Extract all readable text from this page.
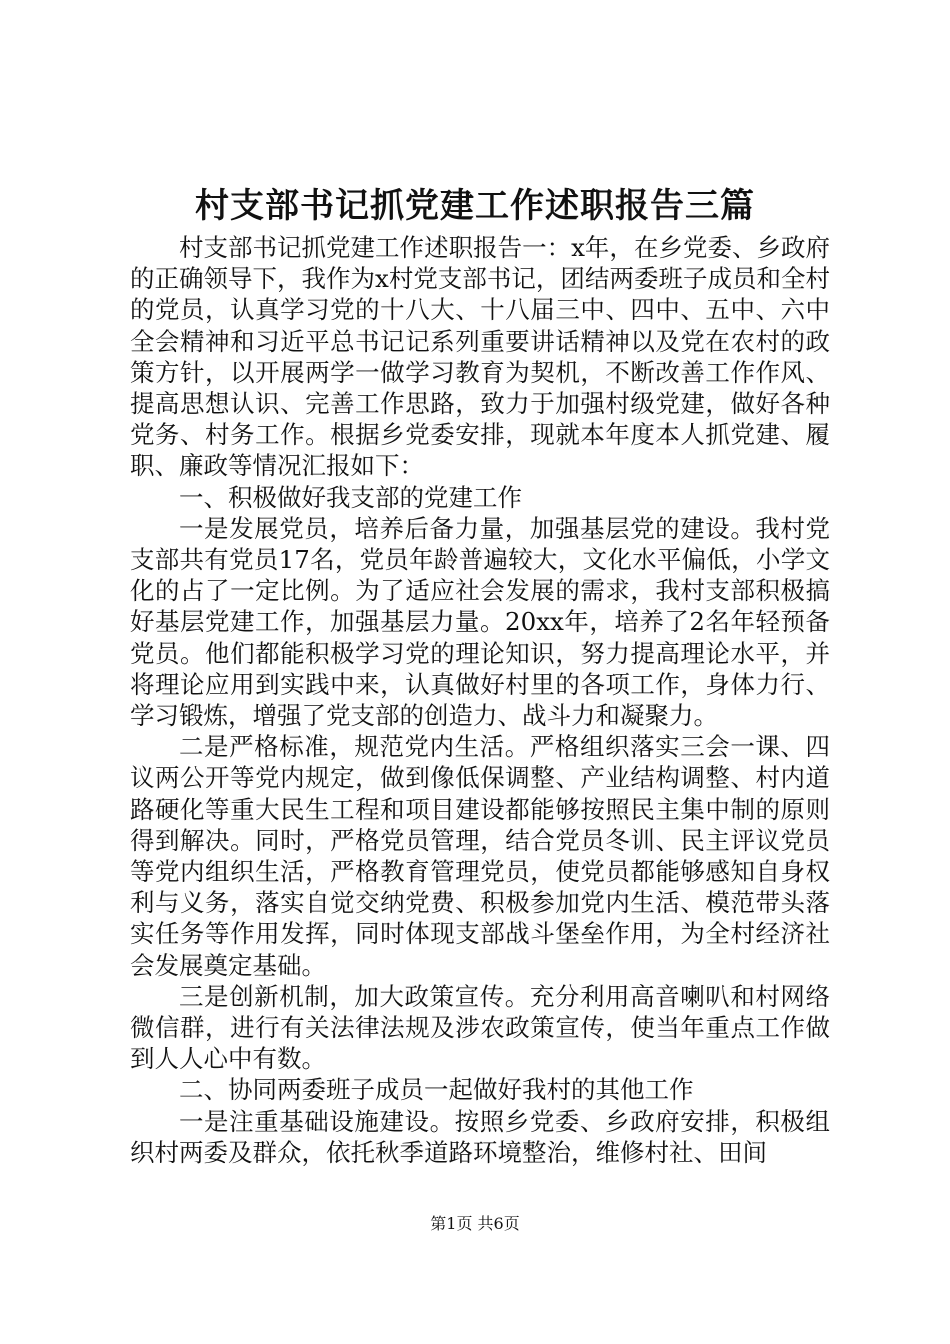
村支部书记抓党建工作述职报告三篇

村支部书记抓党建工作述职报告一：x年，在乡党委、乡政府的正确领导下，我作为x村党支部书记，团结两委班子成员和全村的党员，认真学习党的十八大、十八届三中、四中、五中、六中全会精神和习近平总书记记系列重要讲话精神以及党在农村的政策方针，以开展两学一做学习教育为契机，不断改善工作作风、提高思想认识、完善工作思路，致力于加强村级党建，做好各种党务、村务工作。根据乡党委安排，现就本年度本人抓党建、履职、廉政等情况汇报如下：

一、积极做好我支部的党建工作

一是发展党员，培养后备力量，加强基层党的建设。我村党支部共有党员17名，党员年龄普遍较大，文化水平偏低，小学文化的占了一定比例。为了适应社会发展的需求，我村支部积极搞好基层党建工作，加强基层力量。20xx年，培养了2名年轻预备党员。他们都能积极学习党的理论知识，努力提高理论水平，并将理论应用到实践中来，认真做好村里的各项工作，身体力行、学习锻炼，增强了党支部的创造力、战斗力和凝聚力。

二是严格标准，规范党内生活。严格组织落实三会一课、四议两公开等党内规定，做到像低保调整、产业结构调整、村内道路硬化等重大民生工程和项目建设都能够按照民主集中制的原则得到解决。同时，严格党员管理，结合党员冬训、民主评议党员等党内组织生活，严格教育管理党员，使党员都能够感知自身权利与义务，落实自觉交纳党费、积极参加党内生活、模范带头落实任务等作用发挥，同时体现支部战斗堡垒作用，为全村经济社会发展奠定基础。

三是创新机制，加大政策宣传。充分利用高音喇叭和村网络微信群，进行有关法律法规及涉农政策宣传，使当年重点工作做到人人心中有数。

二、协同两委班子成员一起做好我村的其他工作

一是注重基础设施建设。按照乡党委、乡政府安排，积极组织村两委及群众，依托秋季道路环境整治，维修村社、田间

第1页 共6页
